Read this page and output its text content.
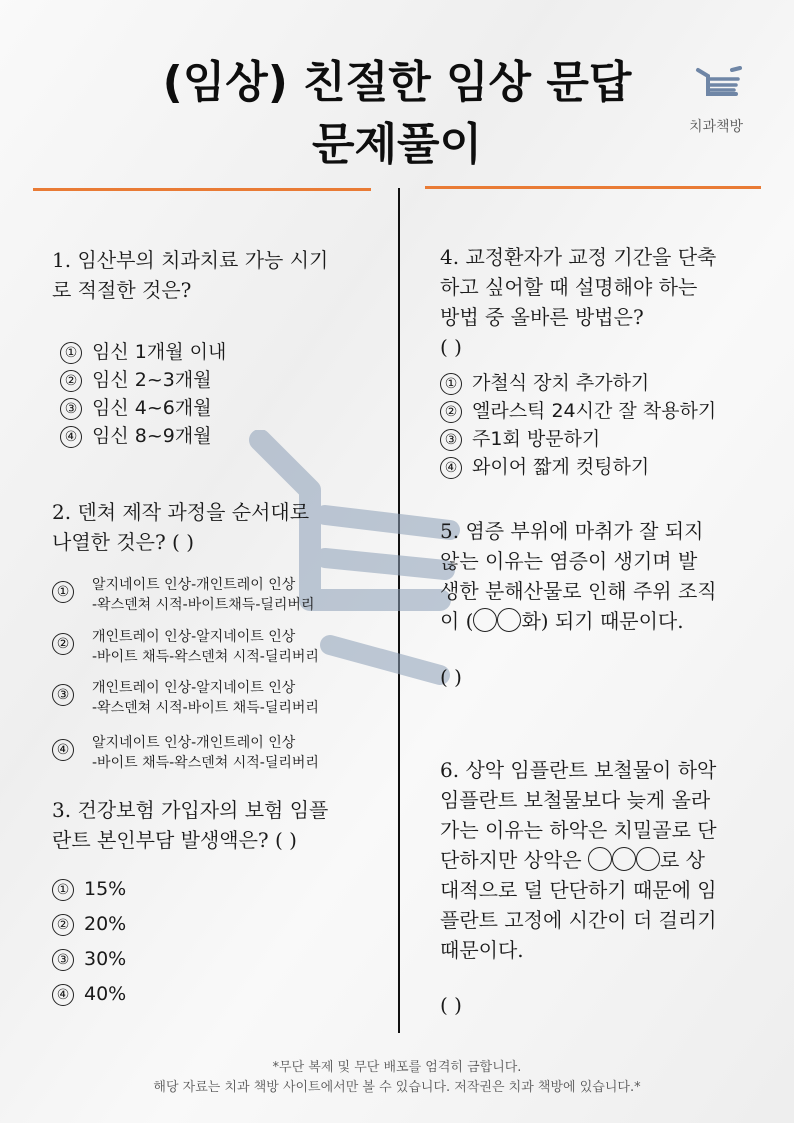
(임상) 친절한 임상 문답
문제풀이	치과책방
1. 임산부의 치과치료 가능 시기
로 적절한 것은?
① 임신 1개월 이내
② 임신 2~3개월
③ 임신 4~6개월
④ 임신 8~9개월
2. 덴쳐 제작 과정을 순서대로
나열한 것은? ( )
①	알지네이트 인상-개인트레이 인상
-왁스덴쳐 시적-바이트채득-딜리버리
②	개인트레이 인상-알지네이트 인상
-바이트 채득-왁스덴쳐 시적-딜리버리
③	개인트레이 인상-알지네이트 인상
-왁스덴쳐 시적-바이트 채득-딜리버리
④	알지네이트 인상-개인트레이 인상
-바이트 채득-왁스덴쳐 시적-딜리버리
3. 건강보험 가입자의 보험 임플
란트 본인부담 발생액은? ( )
① 15%
② 20%
③ 30%
④ 40%
4. 교정환자가 교정 기간을 단축
하고 싶어할 때 설명해야 하는
방법 중 올바른 방법은?
( )
① 가철식 장치 추가하기
② 엘라스틱 24시간 잘 착용하기
③ 주1회 방문하기
④ 와이어 짧게 컷팅하기
5. 염증 부위에 마취가 잘 되지
않는 이유는 염증이 생기며 발
생한 분해산물로 인해 주위 조직
이 ( 화) 되기 때문이다.
( )
6. 상악 임플란트 보철물이 하악
임플란트 보철물보다 늦게 올라
가는 이유는 하악은 치밀골로 단
단하지만 상악은	로 상
대적으로 덜 단단하기 때문에 임
플란트 고정에 시간이 더 걸리기
때문이다.
( )
*무단 복제 및 무단 배포를 엄격히 금합니다.
해당 자료는 치과 책방 사이트에서만 볼 수 있습니다. 저작권은 치과 책방에 있습니다.*
